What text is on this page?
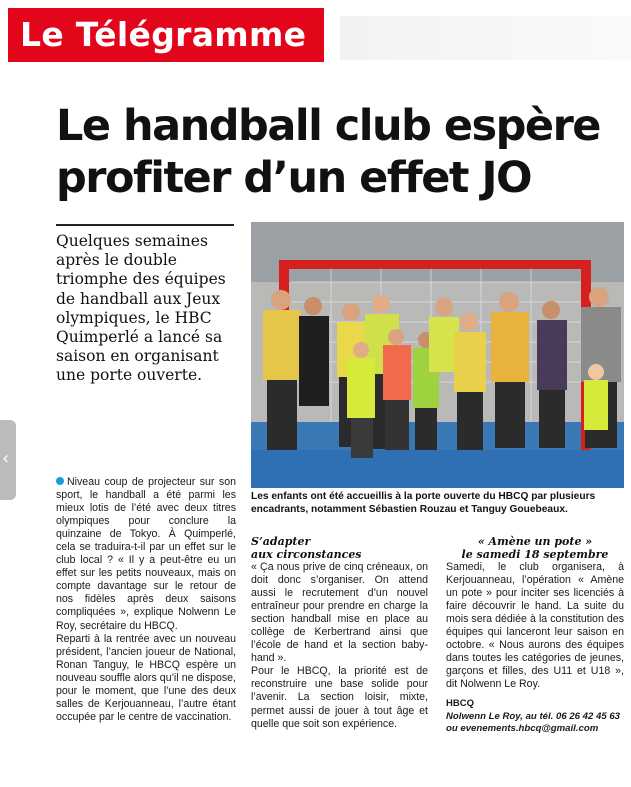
Le Télégramme
Le handball club espère
profiter d’un effet JO

Quelques semaines après le double triomphe des équipes de handball aux Jeux olympiques, le HBC Quimperlé a lancé sa saison en organisant une porte ouverte.

Les enfants ont été accueillis à la porte ouverte du HBCQ par plusieurs encadrants, notamment Sébastien Rouzau et Tanguy Gouebeaux.

Niveau coup de projecteur sur son sport, le handball a été parmi les mieux lotis de l’été avec deux titres olympiques pour conclure la quinzaine de Tokyo. À Quimperlé, cela se traduira-t-il par un effet sur le club local ? « Il y a peut-être eu un effet sur les petits nouveaux, mais on compte davantage sur le retour de nos fidèles après deux saisons compliquées », explique Nolwenn Le Roy, secrétaire du HBCQ.

Reparti à la rentrée avec un nouveau président, l’ancien joueur de National, Ronan Tanguy, le HBCQ espère un nouveau souffle alors qu’il ne dispose, pour le moment, que l’une des deux salles de Kerjouanneau, l’autre étant occupée par le centre de vaccination.

S’adapter
aux circonstances

« Ça nous prive de cinq créneaux, on doit donc s’organiser. On attend aussi le recrutement d’un nouvel entraîneur pour prendre en charge la section handball mise en place au collège de Kerbertrand ainsi que l’école de hand et la section baby-hand ».

Pour le HBCQ, la priorité est de reconstruire une base solide pour l’avenir. La section loisir, mixte, permet aussi de jouer à tout âge et quelle que soit son expérience.

« Amène un pote »
le samedi 18 septembre

Samedi, le club organisera, à Kerjouanneau, l’opération « Amène un pote » pour inciter ses licenciés à faire découvrir le hand. La suite du mois sera dédiée à la constitution des équipes qui lanceront leur saison en octobre. « Nous aurons des équipes dans toutes les catégories de jeunes, garçons et filles, des U11 et U18 », dit Nolwenn Le Roy.

HBCQ

Nolwenn Le Roy, au tél. 06 26 42 45 63
ou evenements.hbcq@gmail.com

‹
